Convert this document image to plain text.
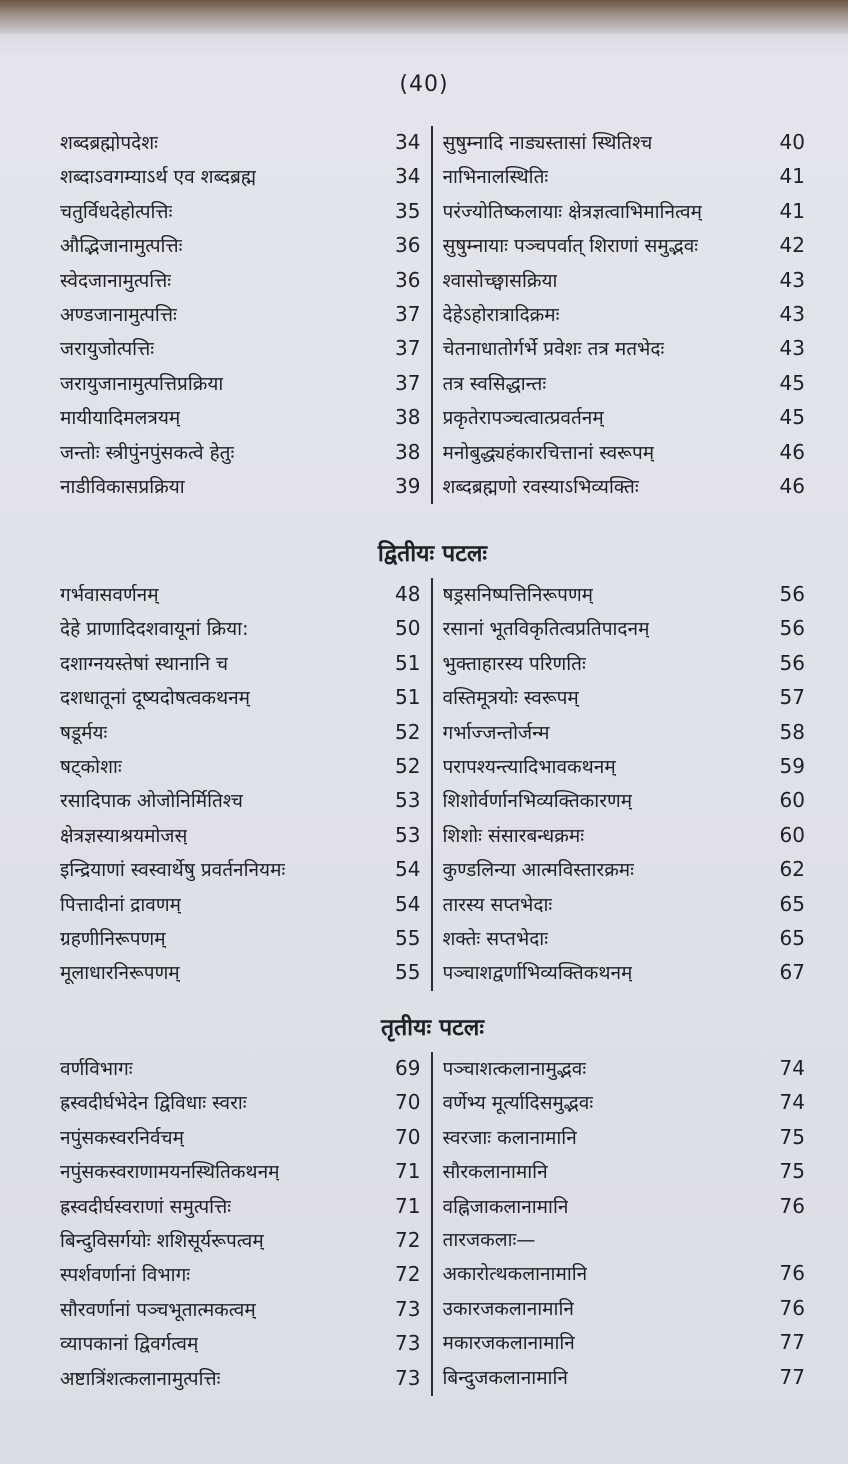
(40)
शब्दब्रह्मोपदेशः	34
शब्दाऽवगम्याऽर्थ एव शब्दब्रह्म	34
चतुर्विधदेहोत्पत्तिः	35
औद्भिजानामुत्पत्तिः	36
स्वेदजानामुत्पत्तिः	36
अण्डजानामुत्पत्तिः	37
जरायुजोत्पत्तिः	37
जरायुजानामुत्पत्तिप्रक्रिया	37
मायीयादिमलत्रयम्	38
जन्तोः स्त्रीपुंनपुंसकत्वे हेतुः	38
नाडीविकासप्रक्रिया	39
सुषुम्नादि नाड्यस्तासां स्थितिश्च	40
नाभिनालस्थितिः	41
परंज्योतिष्कलायाः क्षेत्रज्ञत्वाभिमानित्वम्	41
सुषुम्नायाः पञ्चपर्वात् शिराणां समुद्भवः	42
श्वासोच्छ्वासक्रिया	43
देहेऽहोरात्रादिक्रमः	43
चेतनाधातोर्गर्भे प्रवेशः तत्र मतभेदः	43
तत्र स्वसिद्धान्तः	45
प्रकृतेरापञ्चत्वात्प्रवर्तनम्	45
मनोबुद्ध्यहंकारचित्तानां स्वरूपम्	46
शब्दब्रह्मणो रवस्याऽभिव्यक्तिः	46
द्वितीयः पटलः
गर्भवासवर्णनम्	48
देहे प्राणादिदशवायूनां क्रिया:	50
दशाग्नयस्तेषां स्थानानि च	51
दशधातूनां दूष्यदोषत्वकथनम्	51
षडूर्मयः	52
षट्कोशाः	52
रसादिपाक ओजोनिर्मितिश्च	53
क्षेत्रज्ञस्याश्रयमोजस्	53
इन्द्रियाणां स्वस्वार्थेषु प्रवर्तननियमः	54
पित्तादीनां द्रावणम्	54
ग्रहणीनिरूपणम्	55
मूलाधारनिरूपणम्	55
षड्रसनिष्पत्तिनिरूपणम्	56
रसानां भूतविकृतित्वप्रतिपादनम्	56
भुक्ताहारस्य परिणतिः	56
वस्तिमूत्रयोः स्वरूपम्	57
गर्भाज्जन्तोर्जन्म	58
परापश्यन्त्यादिभावकथनम्	59
शिशोर्वर्णानभिव्यक्तिकारणम्	60
शिशोः संसारबन्धक्रमः	60
कुण्डलिन्या आत्मविस्तारक्रमः	62
तारस्य सप्तभेदाः	65
शक्तेः सप्तभेदाः	65
पञ्चाशद्वर्णाभिव्यक्तिकथनम्	67
तृतीयः पटलः
वर्णविभागः	69
ह्रस्वदीर्घभेदेन द्विविधाः स्वराः	70
नपुंसकस्वरनिर्वचम्	70
नपुंसकस्वराणामयनस्थितिकथनम्	71
ह्रस्वदीर्घस्वराणां समुत्पत्तिः	71
बिन्दुविसर्गयोः शशिसूर्यरूपत्वम्	72
स्पर्शवर्णानां विभागः	72
सौरवर्णानां पञ्चभूतात्मकत्वम्	73
व्यापकानां द्विवर्गत्वम्	73
अष्टात्रिंशत्कलानामुत्पत्तिः	73
पञ्चाशत्कलानामुद्भवः	74
वर्णेभ्य मूर्त्यादिसमुद्भवः	74
स्वरजाः कलानामानि	75
सौरकलानामानि	75
वह्निजाकलानामानि	76
तारजकलाः—
अकारोत्थकलानामानि	76
उकारजकलानामानि	76
मकारजकलानामानि	77
बिन्दुजकलानामानि	77
